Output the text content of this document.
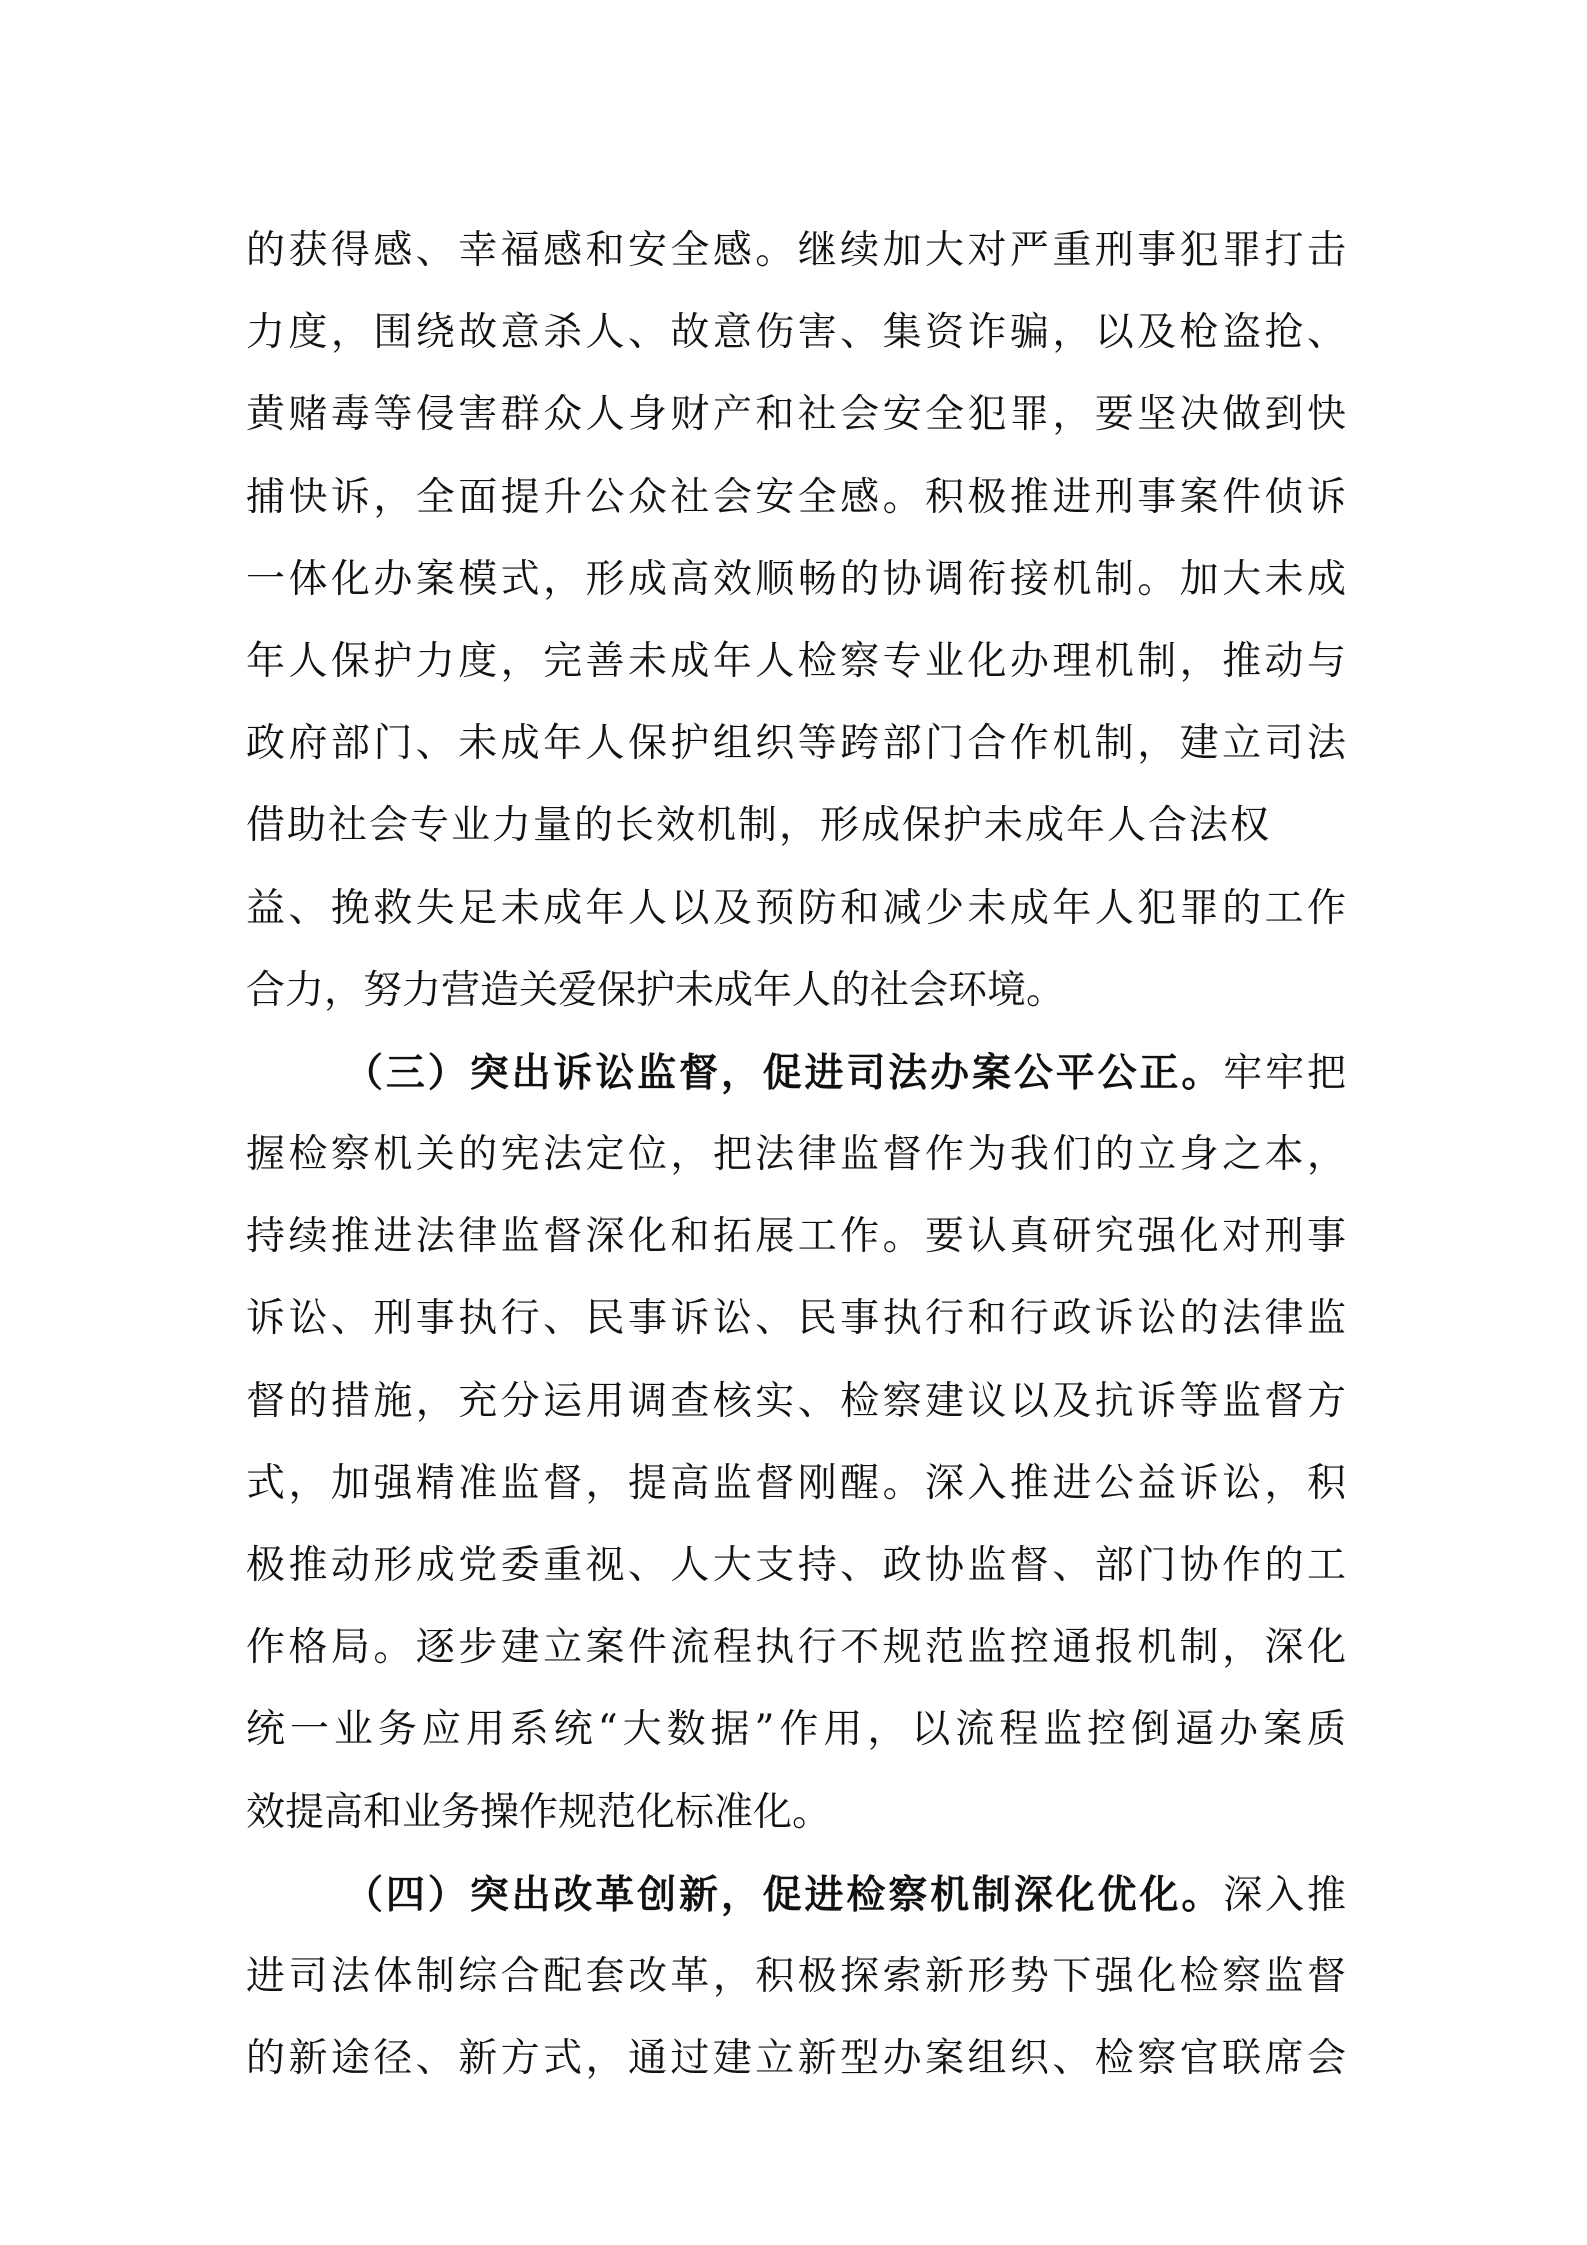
的获得感、幸福感和安全感。继续加大对严重刑事犯罪打击
力度，围绕故意杀人、故意伤害、集资诈骗，以及枪盗抢、
黄赌毒等侵害群众人身财产和社会安全犯罪，要坚决做到快
捕快诉，全面提升公众社会安全感。积极推进刑事案件侦诉
一体化办案模式，形成高效顺畅的协调衔接机制。加大未成
年人保护力度，完善未成年人检察专业化办理机制，推动与
政府部门、未成年人保护组织等跨部门合作机制，建立司法
借助社会专业力量的长效机制，形成保护未成年人合法权
益、挽救失足未成年人以及预防和减少未成年人犯罪的工作
合力，努力营造关爱保护未成年人的社会环境。
（三）突出诉讼监督，促进司法办案公平公正。牢牢把
握检察机关的宪法定位，把法律监督作为我们的立身之本，
持续推进法律监督深化和拓展工作。要认真研究强化对刑事
诉讼、刑事执行、民事诉讼、民事执行和行政诉讼的法律监
督的措施，充分运用调查核实、检察建议以及抗诉等监督方
式，加强精准监督，提高监督刚醒。深入推进公益诉讼，积
极推动形成党委重视、人大支持、政协监督、部门协作的工
作格局。逐步建立案件流程执行不规范监控通报机制，深化
统一业务应用系统“大数据”作用，以流程监控倒逼办案质
效提高和业务操作规范化标准化。
（四）突出改革创新，促进检察机制深化优化。深入推
进司法体制综合配套改革，积极探索新形势下强化检察监督
的新途径、新方式，通过建立新型办案组织、检察官联席会
